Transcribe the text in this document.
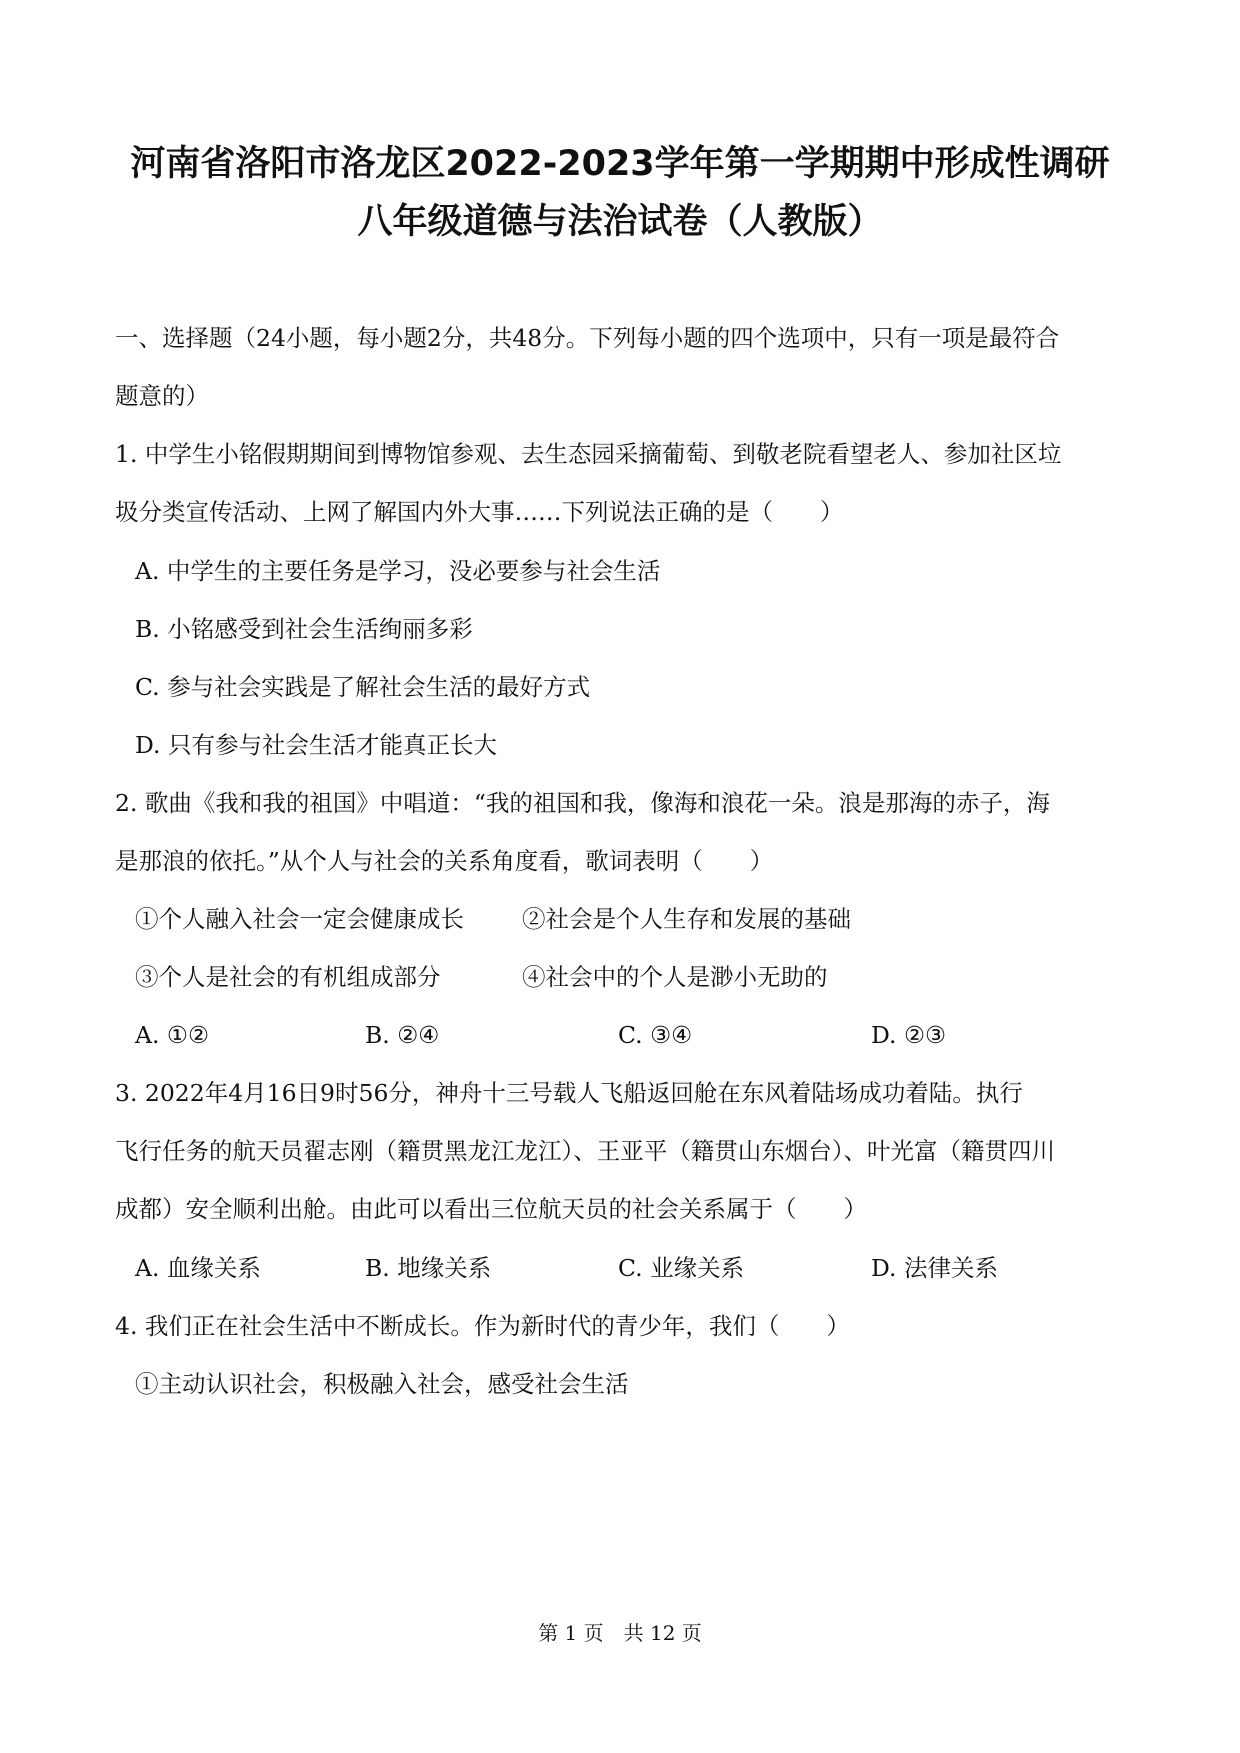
河南省洛阳市洛龙区2022-2023学年第一学期期中形成性调研
八年级道德与法治试卷（人教版）
一、选择题（24小题，每小题2分，共48分。下列每小题的四个选项中，只有一项是最符合
题意的）
1. 中学生小铭假期期间到博物馆参观、去生态园采摘葡萄、到敬老院看望老人、参加社区垃
圾分类宣传活动、上网了解国内外大事……下列说法正确的是（　　）
A. 中学生的主要任务是学习，没必要参与社会生活
B. 小铭感受到社会生活绚丽多彩
C. 参与社会实践是了解社会生活的最好方式
D. 只有参与社会生活才能真正长大
2. 歌曲《我和我的祖国》中唱道：“我的祖国和我，像海和浪花一朵。浪是那海的赤子，海
是那浪的依托。”从个人与社会的关系角度看，歌词表明（　　）
①个人融入社会一定会健康成长 ②社会是个人生存和发展的基础
③个人是社会的有机组成部分	④社会中的个人是渺小无助的
A. ①②	B. ②④	C. ③④	D. ②③
3. 2022年4月16日9时56分，神舟十三号载人飞船返回舱在东风着陆场成功着陆。执行
飞行任务的航天员翟志刚（籍贯黑龙江龙江）、王亚平（籍贯山东烟台）、叶光富（籍贯四川
成都）安全顺利出舱。由此可以看出三位航天员的社会关系属于（　　）
A. 血缘关系	B. 地缘关系	C. 业缘关系	D. 法律关系
4. 我们正在社会生活中不断成长。作为新时代的青少年，我们（　　）
①主动认识社会，积极融入社会，感受社会生活
第 1 页　共 12 页
